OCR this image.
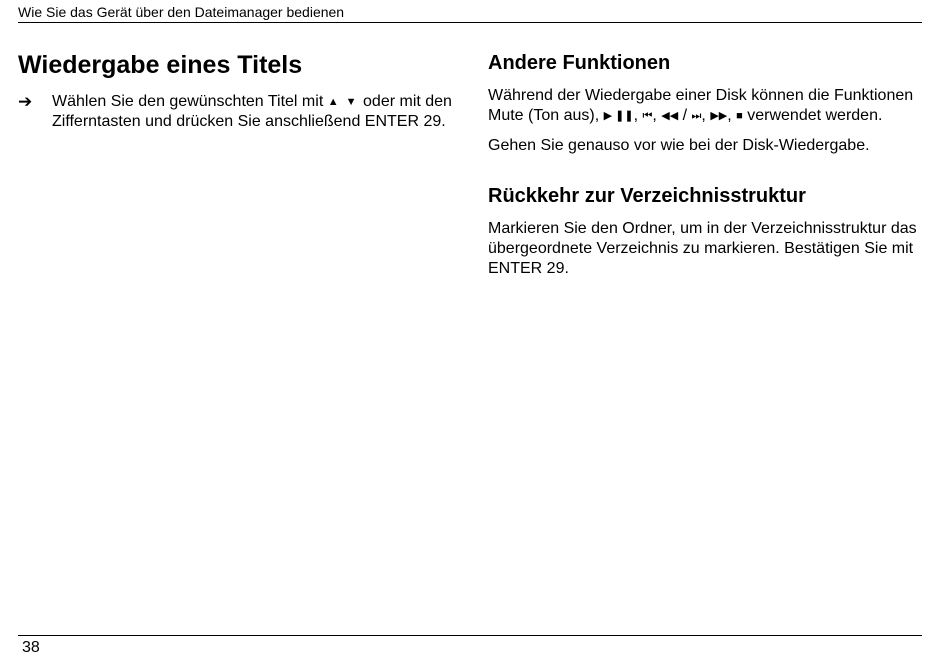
Wie Sie das Gerät über den Dateimanager bedienen
Wiedergabe eines Titels
➔	Wählen Sie den gewünschten Titel mit ▲ ▼ oder mit den Zifferntasten und drücken Sie anschließend ENTER 29.
Andere Funktionen

Während der Wiedergabe einer Disk können die Funktionen Mute (Ton aus), ▶ ❚❚, ⏮, ◀◀ / ⏭, ▶▶, ■ verwendet werden.

Gehen Sie genauso vor wie bei der Disk-Wiedergabe.

Rückkehr zur Verzeichnisstruktur

Markieren Sie den Ordner, um in der Verzeichnisstruktur das übergeordnete Verzeichnis zu markieren. Bestätigen Sie mit ENTER 29.

38
